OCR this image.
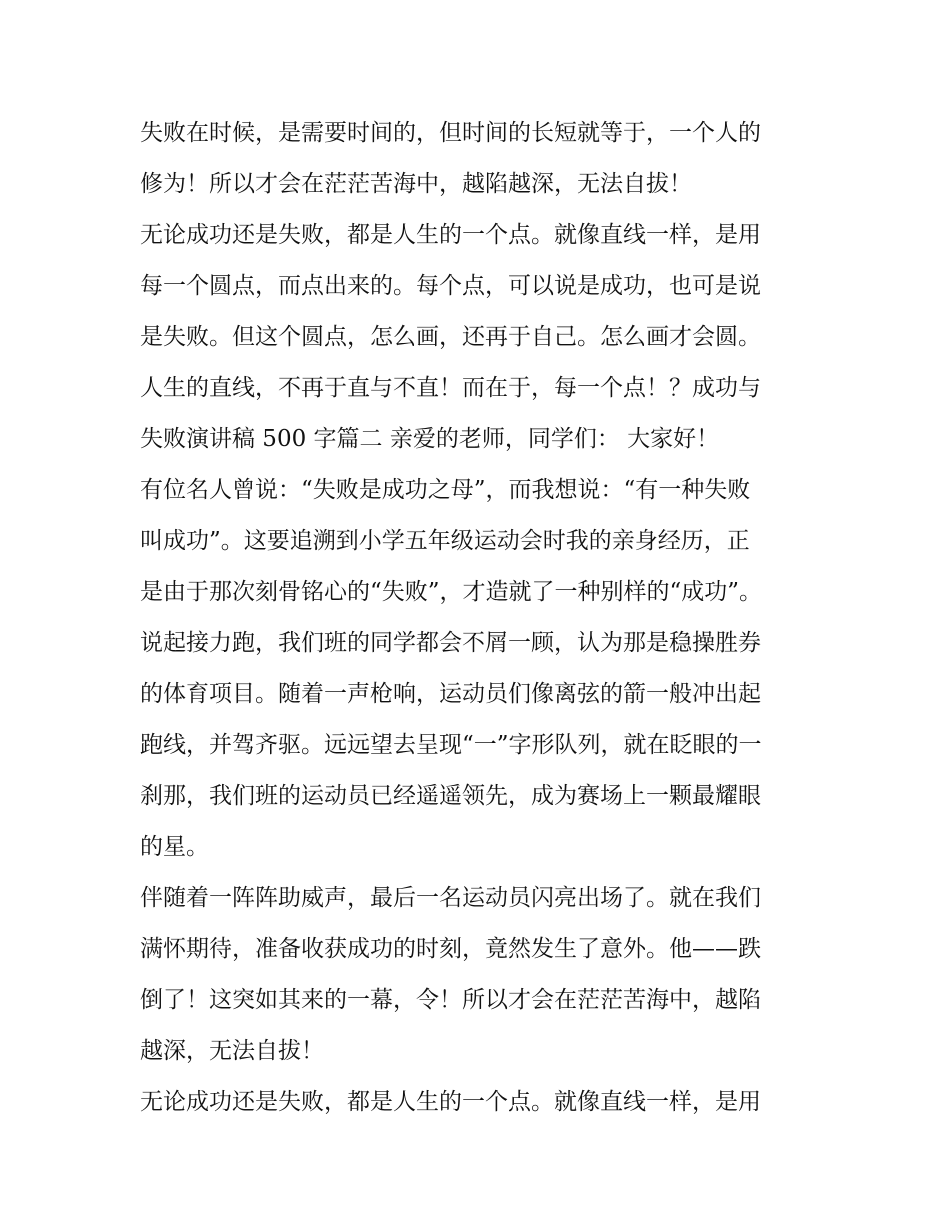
失败在时候，是需要时间的，但时间的长短就等于，一个人的
修为！所以才会在茫茫苦海中，越陷越深，无法自拔！
无论成功还是失败，都是人生的一个点。就像直线一样，是用
每一个圆点，而点出来的。每个点，可以说是成功，也可是说
是失败。但这个圆点，怎么画，还再于自己。怎么画才会圆。
人生的直线，不再于直与不直！而在于，每一个点！？成功与
失败演讲稿 500 字篇二 亲爱的老师，同学们： 大家好！
有位名人曾说：“失败是成功之母”，而我想说：“有一种失败
叫成功”。这要追溯到小学五年级运动会时我的亲身经历，正
是由于那次刻骨铭心的“失败”，才造就了一种别样的“成功”。
说起接力跑，我们班的同学都会不屑一顾，认为那是稳操胜券
的体育项目。随着一声枪响，运动员们像离弦的箭一般冲出起
跑线，并驾齐驱。远远望去呈现“一”字形队列，就在眨眼的一
刹那，我们班的运动员已经遥遥领先，成为赛场上一颗最耀眼
的星。
伴随着一阵阵助威声，最后一名运动员闪亮出场了。就在我们
满怀期待，准备收获成功的时刻，竟然发生了意外。他——跌
倒了！这突如其来的一幕，令！所以才会在茫茫苦海中，越陷
越深，无法自拔！
无论成功还是失败，都是人生的一个点。就像直线一样，是用
